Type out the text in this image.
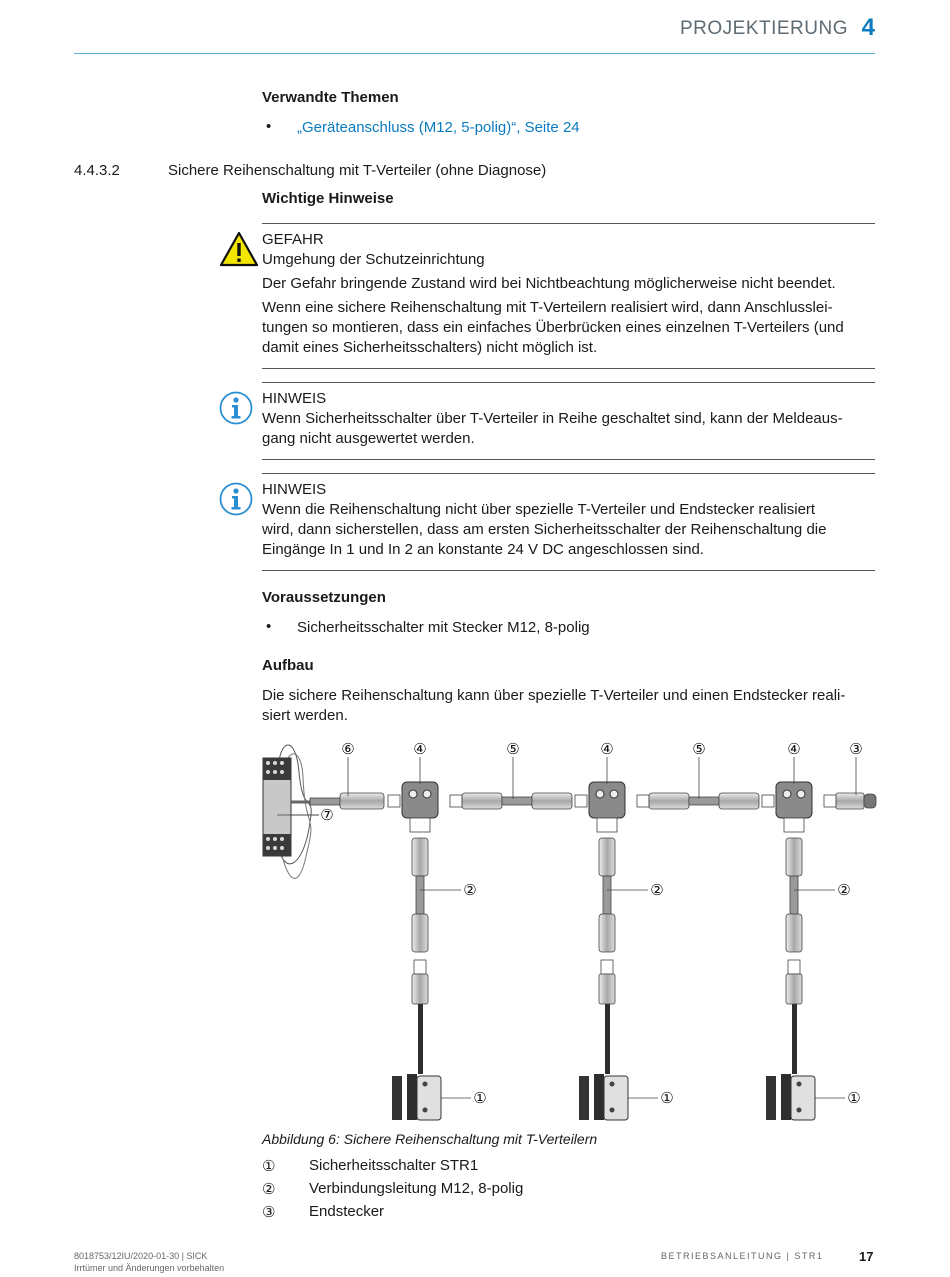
PROJEKTIERUNG 4
Verwandte Themen
• „Geräteanschluss (M12, 5-polig)“, Seite 24
4.4.3.2	Sichere Reihenschaltung mit T-Verteiler (ohne Diagnose)
Wichtige Hinweise
GEFAHR
Umgehung der Schutzeinrichtung
Der Gefahr bringende Zustand wird bei Nichtbeachtung möglicherweise nicht beendet.
Wenn eine sichere Reihenschaltung mit T-Verteilern realisiert wird, dann Anschlusslei-
tungen so montieren, dass ein einfaches Überbrücken eines einzelnen T-Verteilers (und
damit eines Sicherheitsschalters) nicht möglich ist.
HINWEIS
Wenn Sicherheitsschalter über T-Verteiler in Reihe geschaltet sind, kann der Meldeaus-
gang nicht ausgewertet werden.
HINWEIS
Wenn die Reihenschaltung nicht über spezielle T-Verteiler und Endstecker realisiert
wird, dann sicherstellen, dass am ersten Sicherheitsschalter der Reihenschaltung die
Eingänge In 1 und In 2 an konstante 24 V DC angeschlossen sind.
Voraussetzungen
• Sicherheitsschalter mit Stecker M12, 8-polig
Aufbau
Die sichere Reihenschaltung kann über spezielle T-Verteiler und einen Endstecker reali-
siert werden.
⑥	④	⑤	④	⑤	④	③
⑦
②	②	②
①	①	①
Abbildung 6: Sichere Reihenschaltung mit T-Verteilern
① Sicherheitsschalter STR1
② Verbindungsleitung M12, 8-polig
③ Endstecker
8018753/12IU/2020-01-30 | SICK
Irrtümer und Änderungen vorbehalten
BETRIEBSANLEITUNG | STR1	17
